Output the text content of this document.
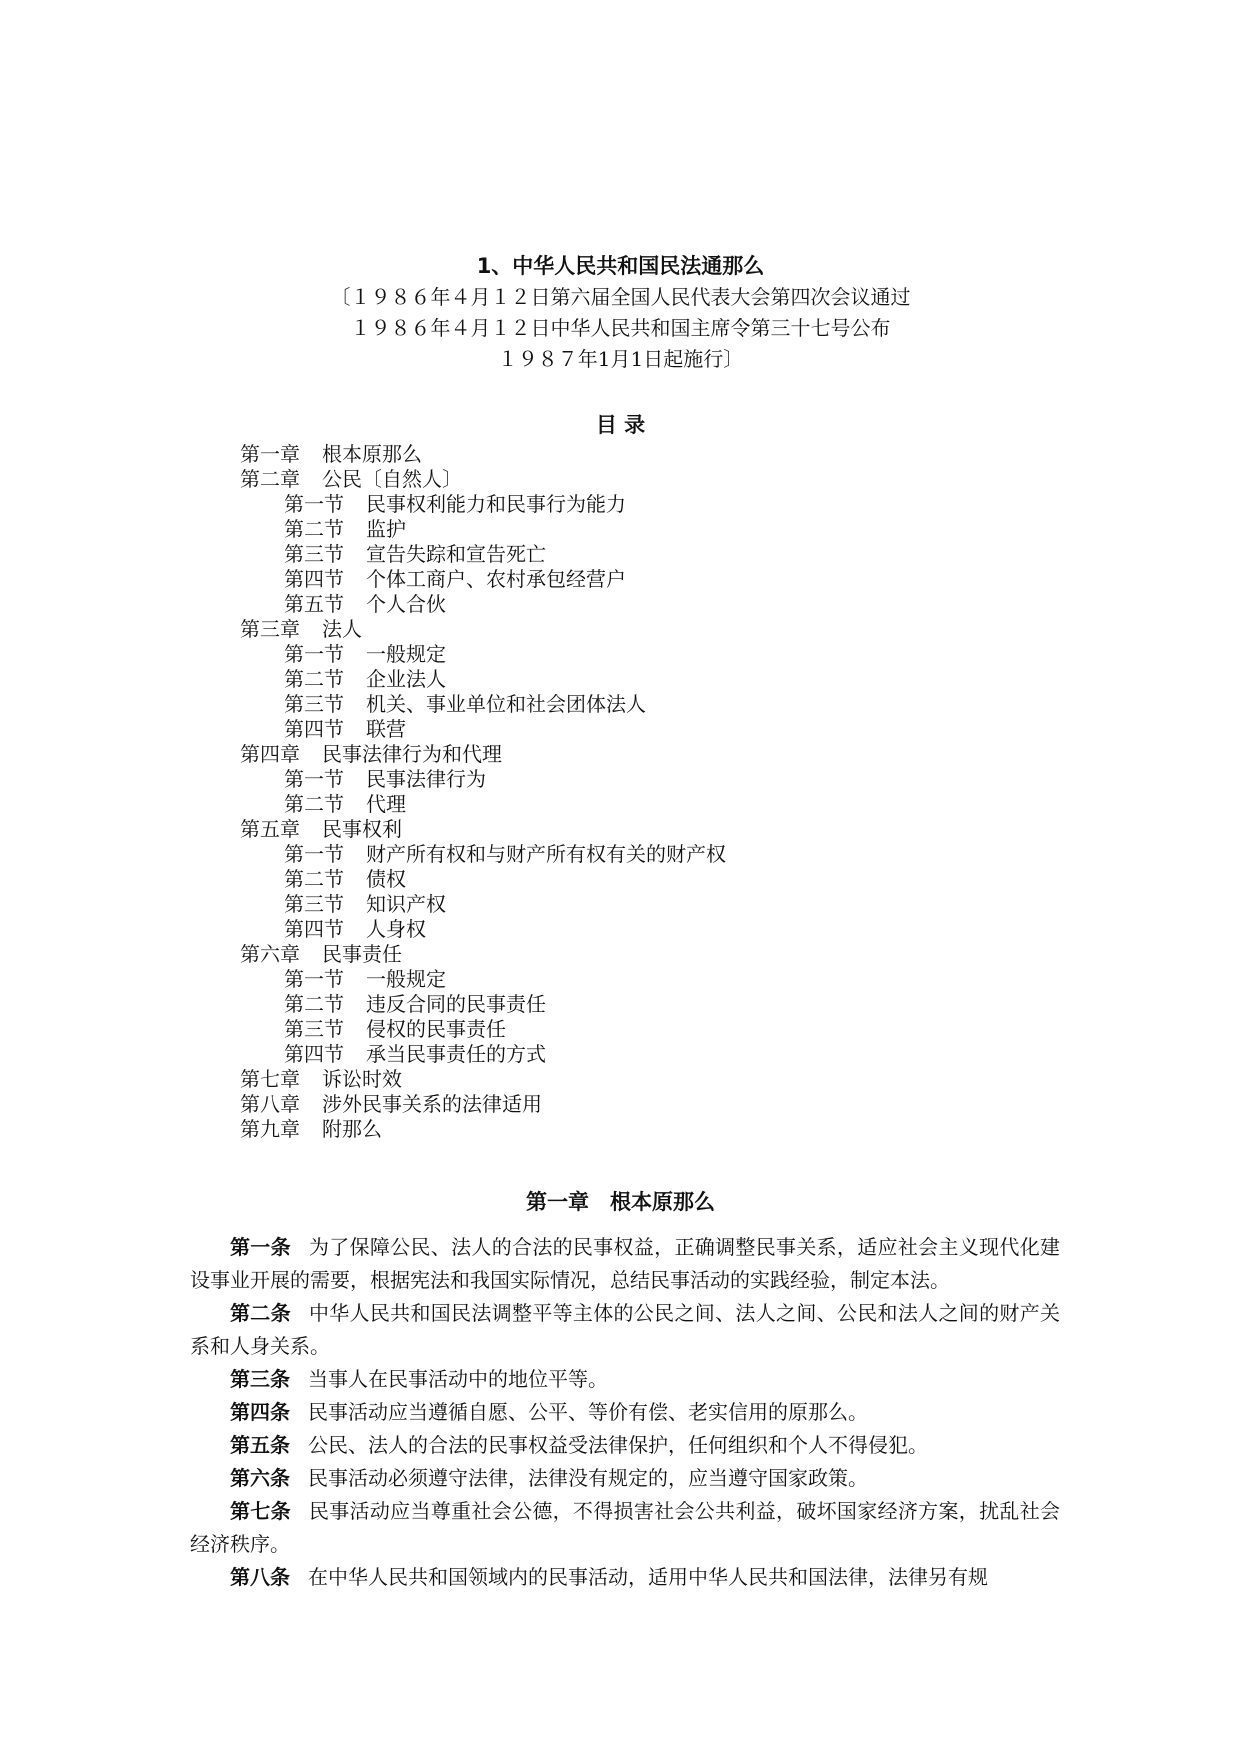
1、中华人民共和国民法通那么
〔１９８６年４月１２日第六届全国人民代表大会第四次会议通过
１９８６年４月１２日中华人民共和国主席令第三十七号公布
１９８７年1月1日起施行〕
目 录
第一章 根本原那么
第二章 公民〔自然人〕
第一节 民事权利能力和民事行为能力
第二节 监护
第三节 宣告失踪和宣告死亡
第四节 个体工商户、农村承包经营户
第五节 个人合伙
第三章 法人
第一节 一般规定
第二节 企业法人
第三节 机关、事业单位和社会团体法人
第四节 联营
第四章 民事法律行为和代理
第一节 民事法律行为
第二节 代理
第五章 民事权利
第一节 财产所有权和与财产所有权有关的财产权
第二节 债权
第三节 知识产权
第四节 人身权
第六章 民事责任
第一节 一般规定
第二节 违反合同的民事责任
第三节 侵权的民事责任
第四节 承当民事责任的方式
第七章 诉讼时效
第八章 涉外民事关系的法律适用
第九章 附那么
第一章　根本原那么
第一条 为了保障公民、法人的合法的民事权益，正确调整民事关系，适应社会主义现代化建设事业开展的需要，根据宪法和我国实际情况，总结民事活动的实践经验，制定本法。
第二条 中华人民共和国民法调整平等主体的公民之间、法人之间、公民和法人之间的财产关系和人身关系。
第三条 当事人在民事活动中的地位平等。
第四条 民事活动应当遵循自愿、公平、等价有偿、老实信用的原那么。
第五条 公民、法人的合法的民事权益受法律保护，任何组织和个人不得侵犯。
第六条 民事活动必须遵守法律，法律没有规定的，应当遵守国家政策。
第七条 民事活动应当尊重社会公德，不得损害社会公共利益，破坏国家经济方案，扰乱社会经济秩序。
第八条 在中华人民共和国领域内的民事活动，适用中华人民共和国法律，法律另有规
